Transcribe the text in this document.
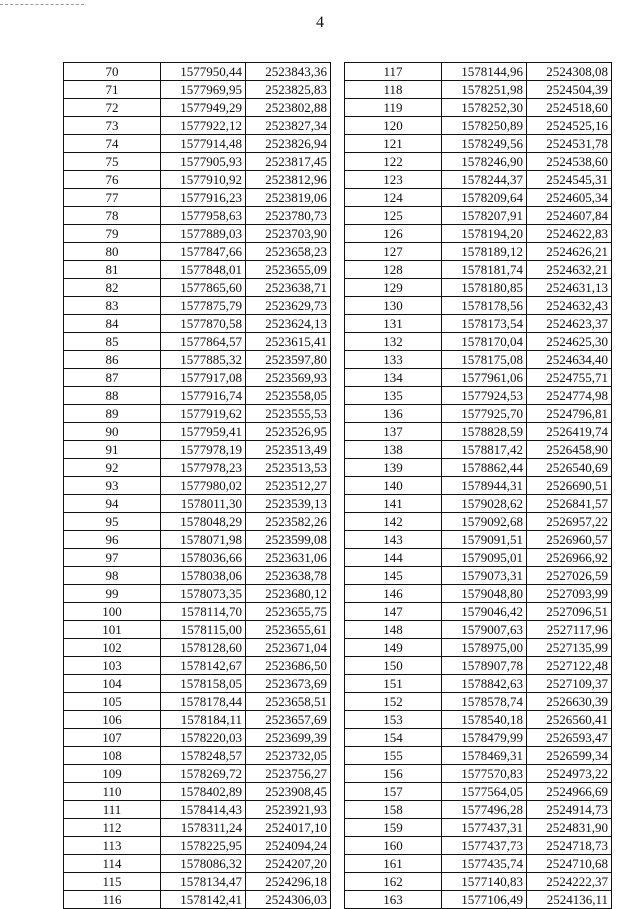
4
70	1577950,44	2523843,36
71	1577969,95	2523825,83
72	1577949,29	2523802,88
73	1577922,12	2523827,34
74	1577914,48	2523826,94
75	1577905,93	2523817,45
76	1577910,92	2523812,96
77	1577916,23	2523819,06
78	1577958,63	2523780,73
79	1577889,03	2523703,90
80	1577847,66	2523658,23
81	1577848,01	2523655,09
82	1577865,60	2523638,71
83	1577875,79	2523629,73
84	1577870,58	2523624,13
85	1577864,57	2523615,41
86	1577885,32	2523597,80
87	1577917,08	2523569,93
88	1577916,74	2523558,05
89	1577919,62	2523555,53
90	1577959,41	2523526,95
91	1577978,19	2523513,49
92	1577978,23	2523513,53
93	1577980,02	2523512,27
94	1578011,30	2523539,13
95	1578048,29	2523582,26
96	1578071,98	2523599,08
97	1578036,66	2523631,06
98	1578038,06	2523638,78
99	1578073,35	2523680,12
100	1578114,70	2523655,75
101	1578115,00	2523655,61
102	1578128,60	2523671,04
103	1578142,67	2523686,50
104	1578158,05	2523673,69
105	1578178,44	2523658,51
106	1578184,11	2523657,69
107	1578220,03	2523699,39
108	1578248,57	2523732,05
109	1578269,72	2523756,27
110	1578402,89	2523908,45
111	1578414,43	2523921,93
112	1578311,24	2524017,10
113	1578225,95	2524094,24
114	1578086,32	2524207,20
115	1578134,47	2524296,18
116	1578142,41	2524306,03
117	1578144,96	2524308,08
118	1578251,98	2524504,39
119	1578252,30	2524518,60
120	1578250,89	2524525,16
121	1578249,56	2524531,78
122	1578246,90	2524538,60
123	1578244,37	2524545,31
124	1578209,64	2524605,34
125	1578207,91	2524607,84
126	1578194,20	2524622,83
127	1578189,12	2524626,21
128	1578181,74	2524632,21
129	1578180,85	2524631,13
130	1578178,56	2524632,43
131	1578173,54	2524623,37
132	1578170,04	2524625,30
133	1578175,08	2524634,40
134	1577961,06	2524755,71
135	1577924,53	2524774,98
136	1577925,70	2524796,81
137	1578828,59	2526419,74
138	1578817,42	2526458,90
139	1578862,44	2526540,69
140	1578944,31	2526690,51
141	1579028,62	2526841,57
142	1579092,68	2526957,22
143	1579091,51	2526960,57
144	1579095,01	2526966,92
145	1579073,31	2527026,59
146	1579048,80	2527093,99
147	1579046,42	2527096,51
148	1579007,63	2527117,96
149	1578975,00	2527135,99
150	1578907,78	2527122,48
151	1578842,63	2527109,37
152	1578578,74	2526630,39
153	1578540,18	2526560,41
154	1578479,99	2526593,47
155	1578469,31	2526599,34
156	1577570,83	2524973,22
157	1577564,05	2524966,69
158	1577496,28	2524914,73
159	1577437,31	2524831,90
160	1577437,73	2524718,73
161	1577435,74	2524710,68
162	1577140,83	2524222,37
163	1577106,49	2524136,11
